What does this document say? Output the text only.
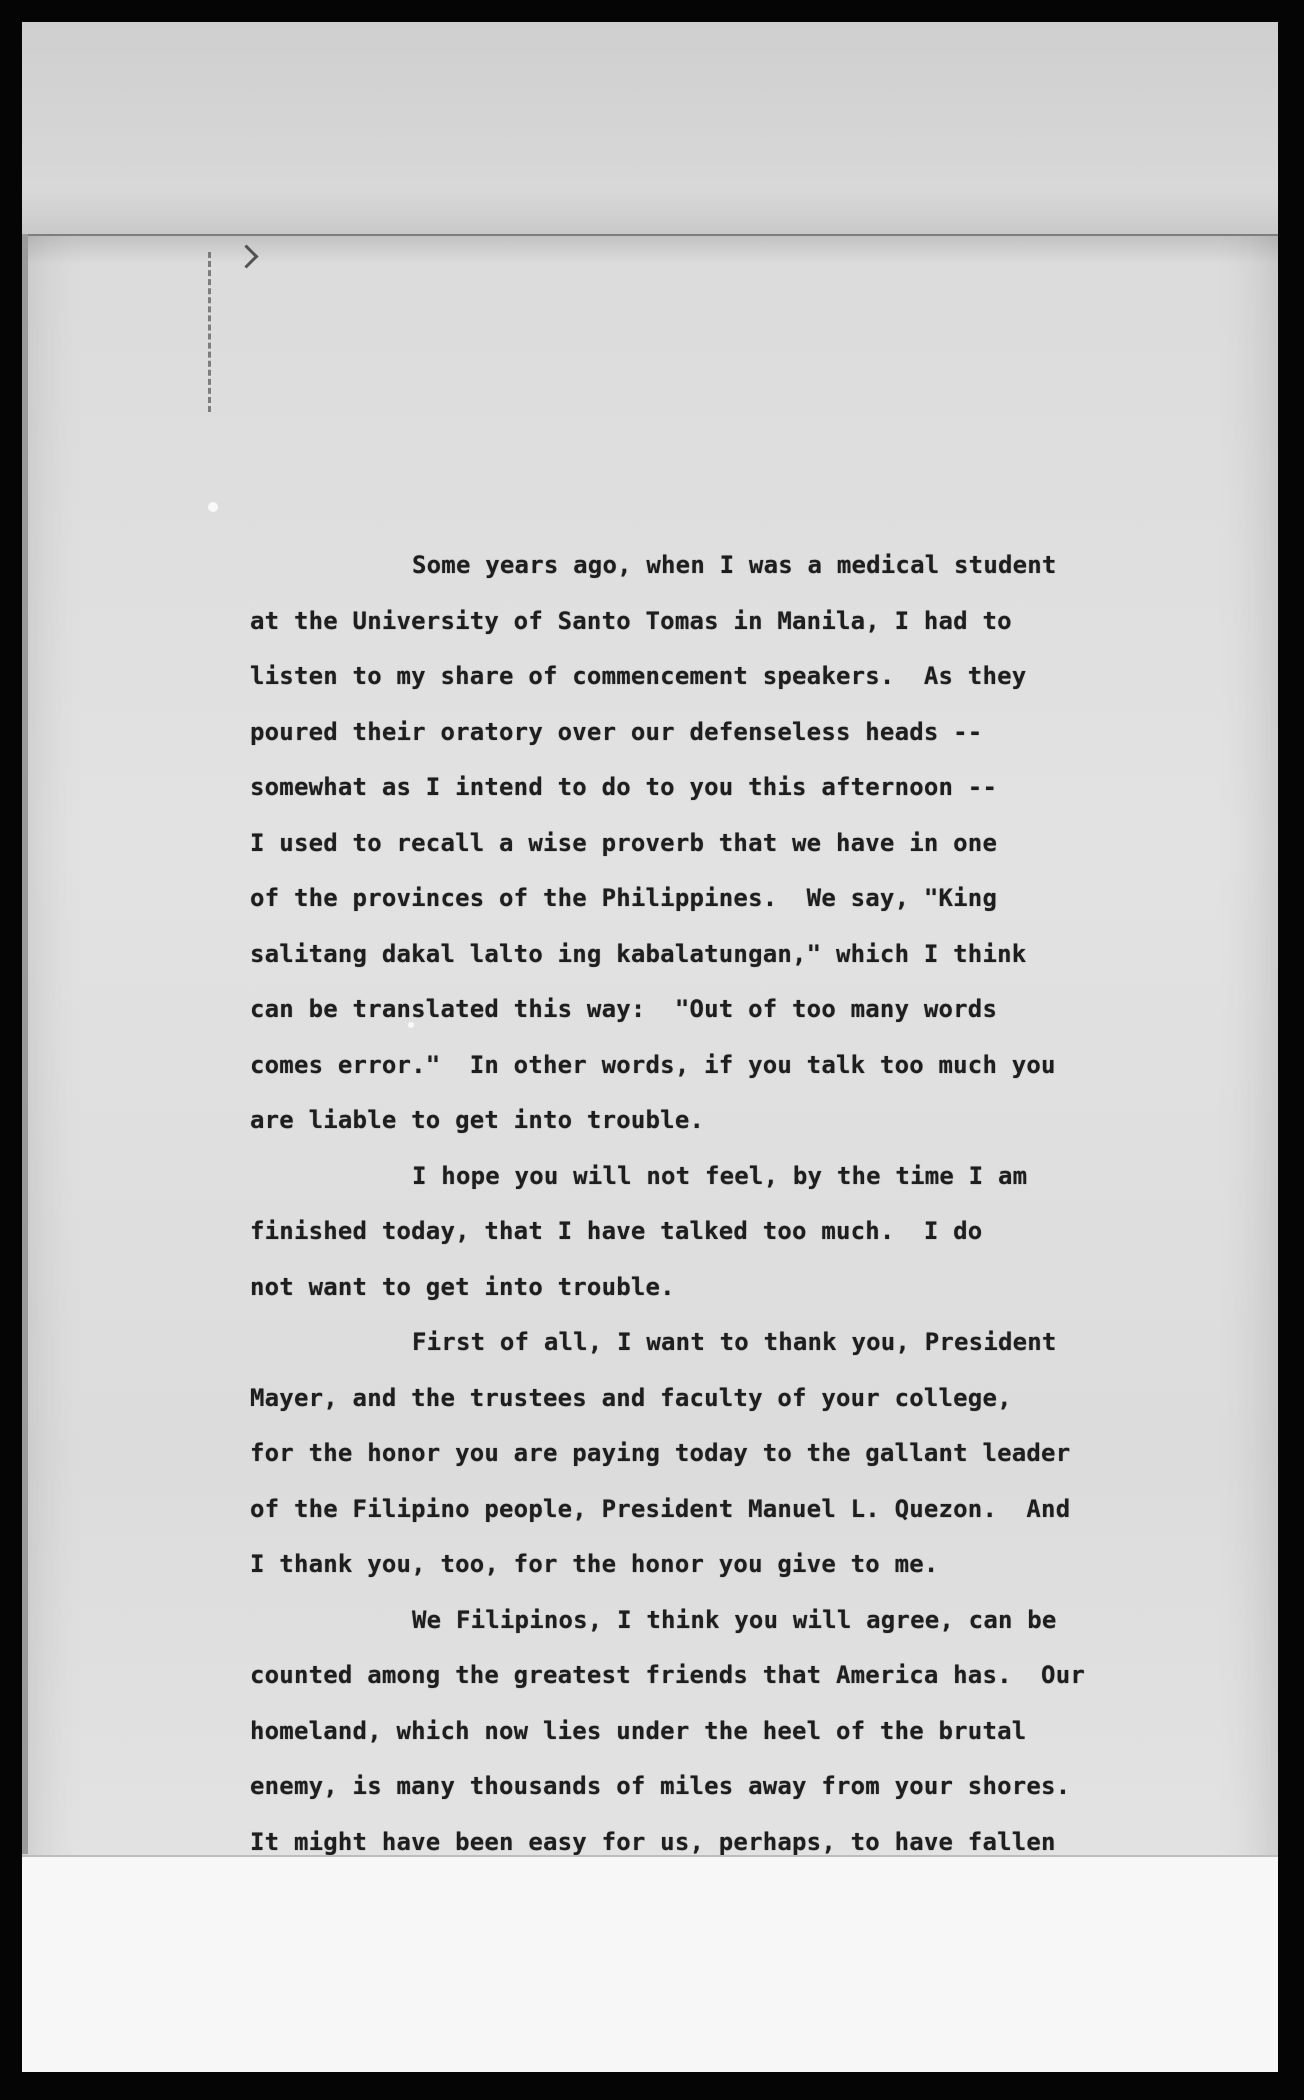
Some years ago, when I was a medical student
at the University of Santo Tomas in Manila, I had to
listen to my share of commencement speakers.  As they
poured their oratory over our defenseless heads --
somewhat as I intend to do to you this afternoon --
I used to recall a wise proverb that we have in one
of the provinces of the Philippines.  We say, "King
salitang dakal lalto ing kabalatungan," which I think
can be translated this way:  "Out of too many words
comes error."  In other words, if you talk too much you
are liable to get into trouble.
I hope you will not feel, by the time I am
finished today, that I have talked too much.  I do
not want to get into trouble.
First of all, I want to thank you, President
Mayer, and the trustees and faculty of your college,
for the honor you are paying today to the gallant leader
of the Filipino people, President Manuel L. Quezon.  And
I thank you, too, for the honor you give to me.
We Filipinos, I think you will agree, can be
counted among the greatest friends that America has.  Our
homeland, which now lies under the heel of the brutal
enemy, is many thousands of miles away from your shores.
It might have been easy for us, perhaps, to have fallen
